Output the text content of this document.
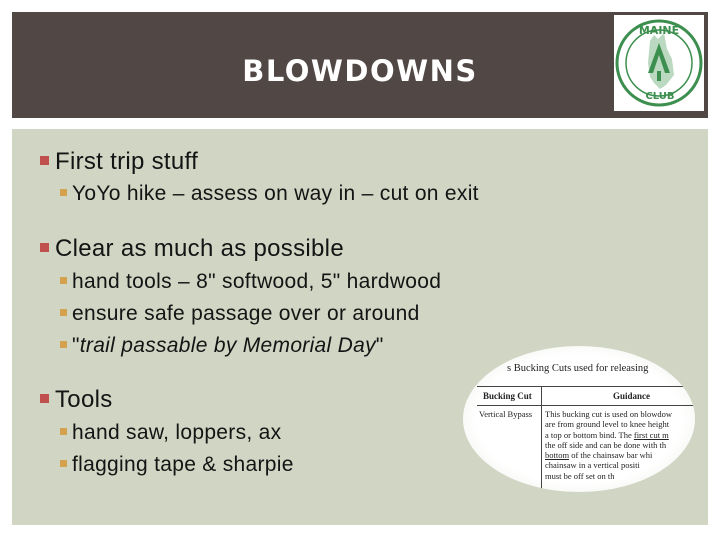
BLOWDOWNS
MAINE
CLUB
First trip stuff
YoYo hike – assess on way in – cut on exit
Clear as much as possible
hand tools – 8" softwood, 5" hardwood
ensure safe passage over or around
"trail passable by Memorial Day"
Tools
hand saw, loppers, ax
flagging tape & sharpie
s Bucking Cuts used for releasing
Bucking Cut	Guidance
Vertical Bypass This bucking cut is used on blowdow
are from ground level to knee height
a top or bottom bind. The first cut m
the off side and can be done with th
bottom of the chainsaw bar whi
chainsaw in a vertical positi
must be off set on th
